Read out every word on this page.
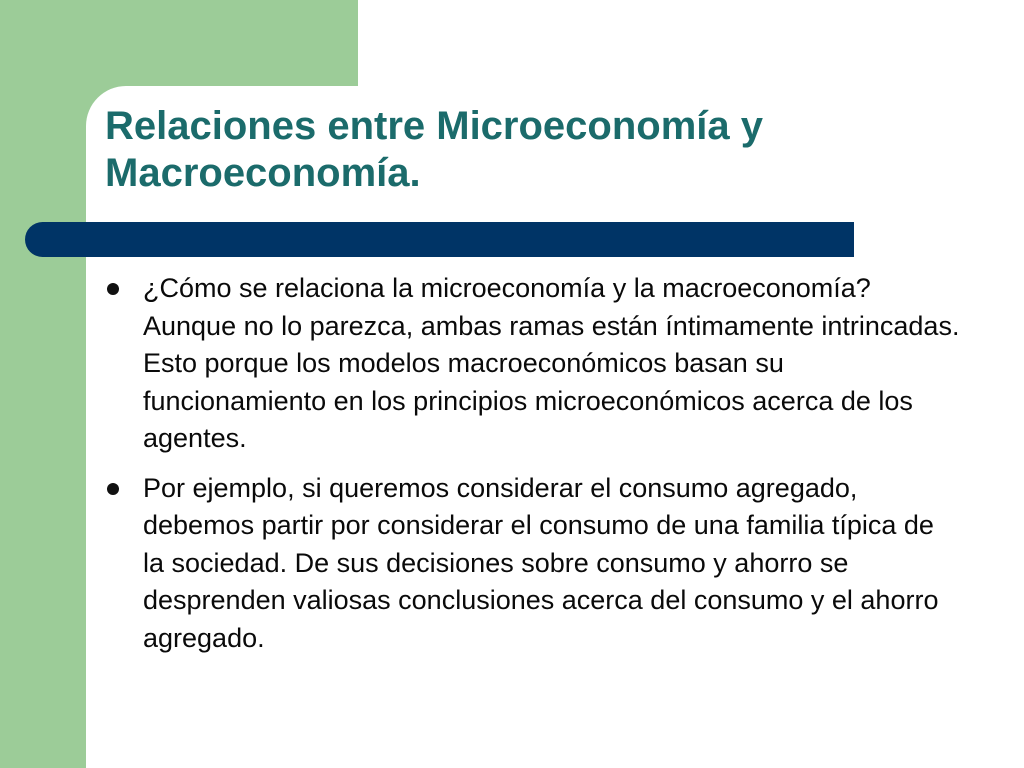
Relaciones entre Microeconomía y Macroeconomía.
¿Cómo se relaciona la microeconomía y la macroeconomía? Aunque no lo parezca, ambas ramas están íntimamente intrincadas. Esto porque los modelos macroeconómicos basan su funcionamiento en los principios microeconómicos acerca de los agentes.
Por ejemplo, si queremos considerar el consumo agregado, debemos partir por considerar el consumo de una familia típica de la sociedad. De sus decisiones sobre consumo y ahorro se desprenden valiosas conclusiones acerca del consumo y el ahorro agregado.
